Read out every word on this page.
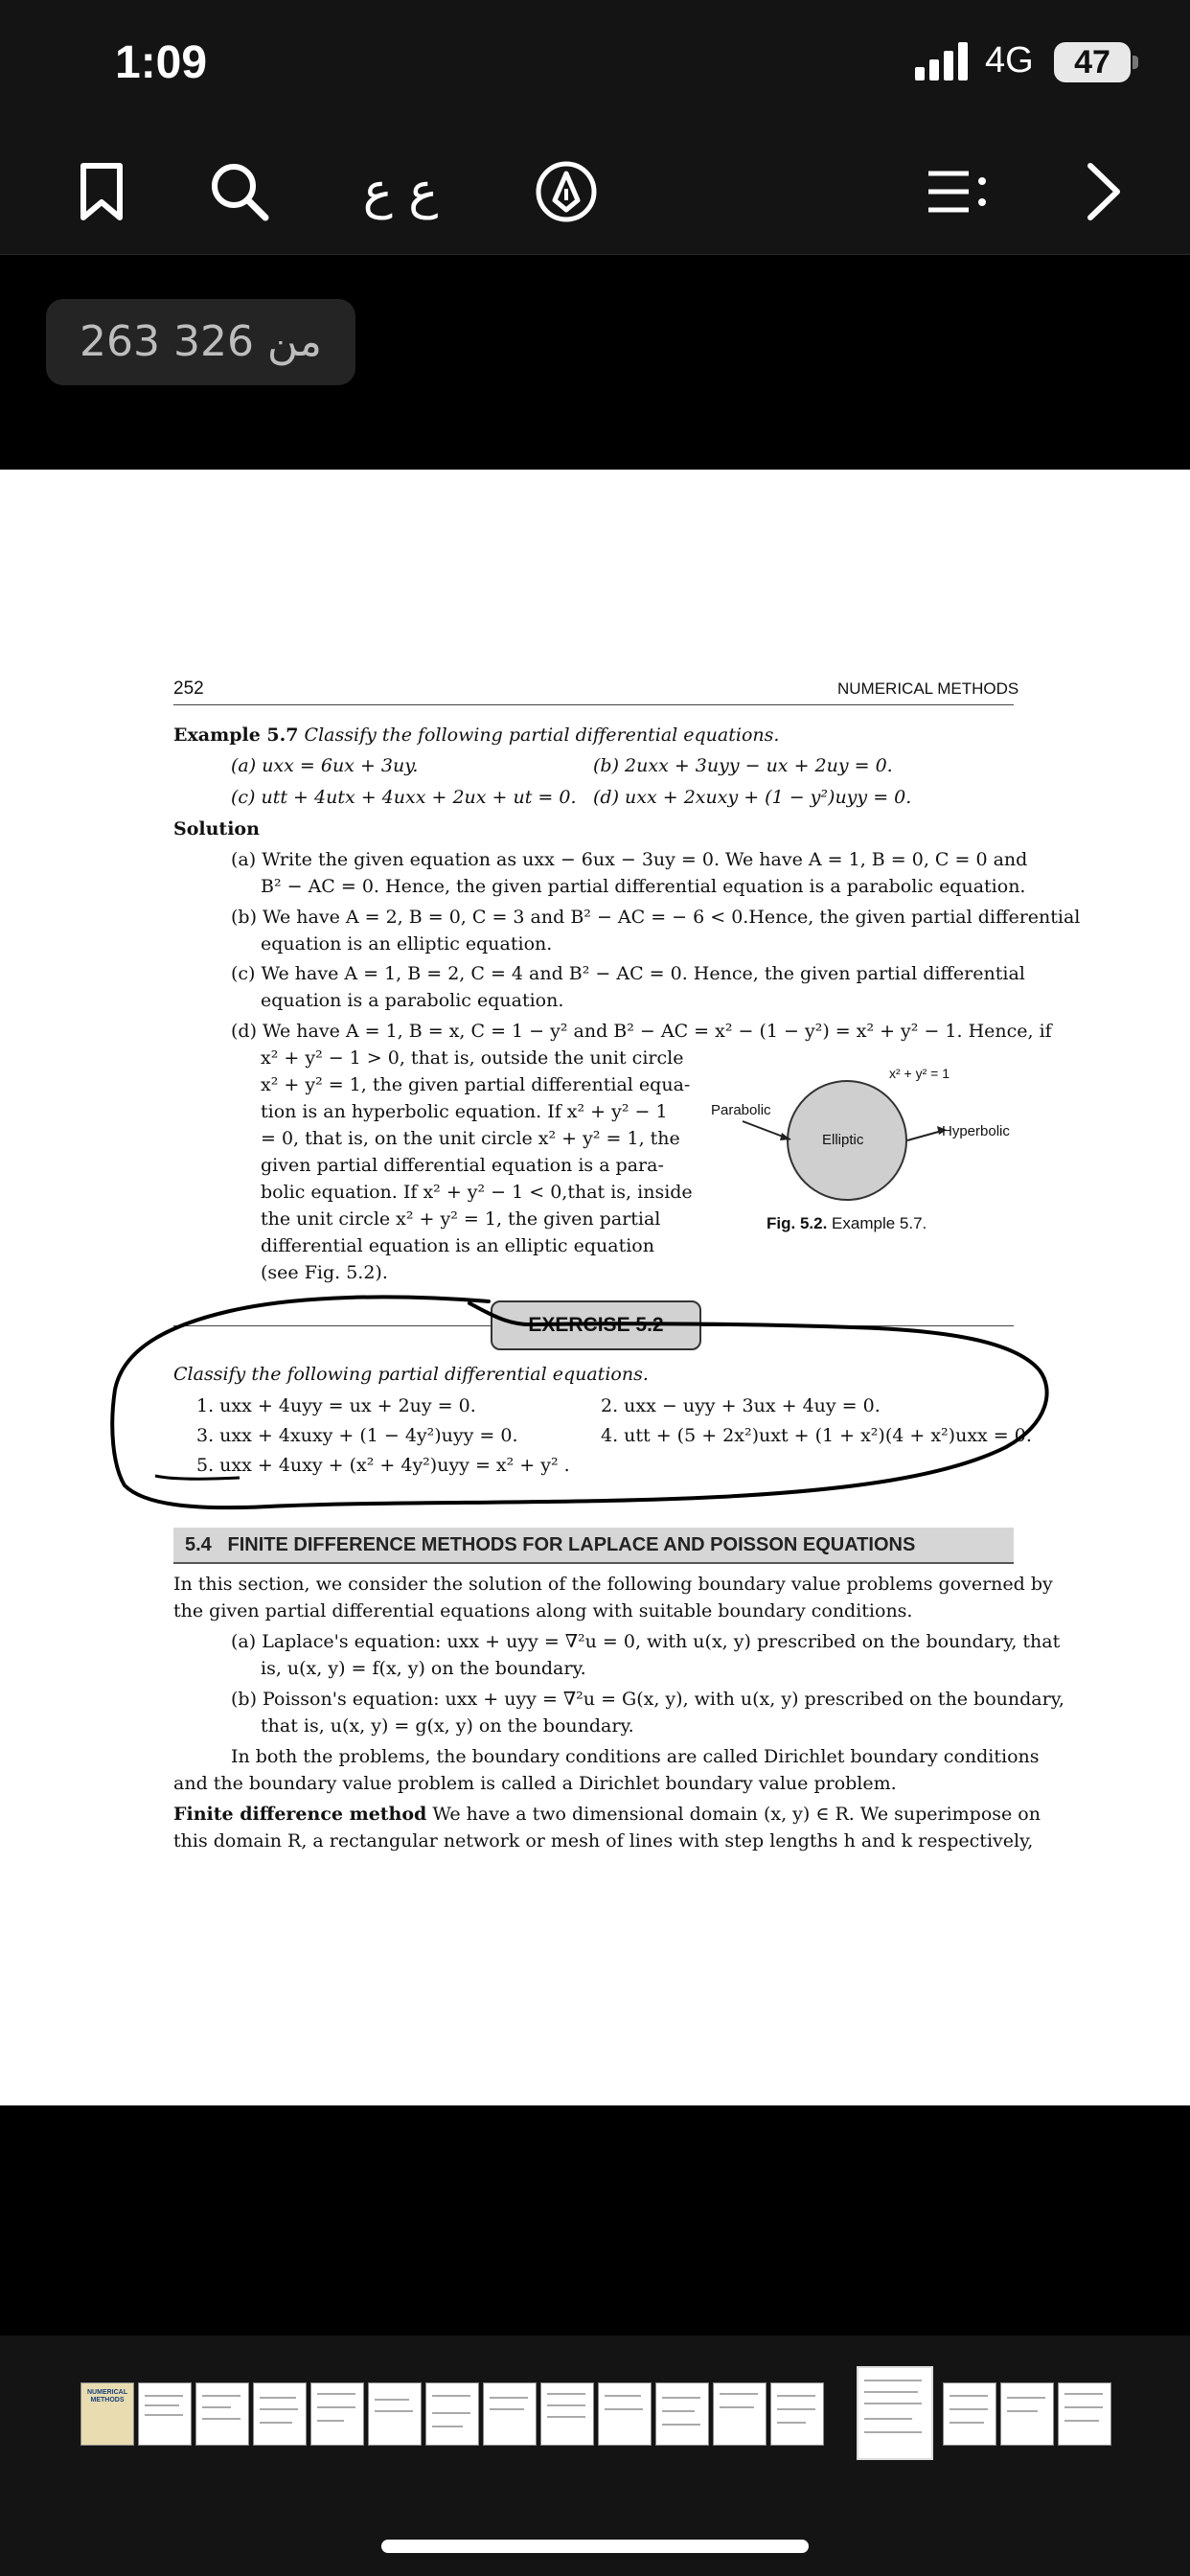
1:09	4G	47
ع ع
263 من 326
252	NUMERICAL METHODS
Example 5.7 Classify the following partial differential equations.
(a) uxx = 6ux + 3uy.	(b) 2uxx + 3uyy − ux + 2uy = 0.
(c) utt + 4utx + 4uxx + 2ux + ut = 0. (d) uxx + 2xuxy + (1 − y²)uyy = 0.
Solution
(a) Write the given equation as uxx − 6ux − 3uy = 0. We have A = 1, B = 0, C = 0 and
B² − AC = 0. Hence, the given partial differential equation is a parabolic equation.
(b) We have A = 2, B = 0, C = 3 and B² − AC = − 6 < 0.Hence, the given partial differential
equation is an elliptic equation.
(c) We have A = 1, B = 2, C = 4 and B² − AC = 0. Hence, the given partial differential
equation is a parabolic equation.
(d) We have A = 1, B = x, C = 1 − y² and B² − AC = x² − (1 − y²) = x² + y² − 1. Hence, if
x² + y² − 1 > 0, that is, outside the unit circle
x² + y² = 1, the given partial differential equa-
tion is an hyperbolic equation. If x² + y² − 1
= 0, that is, on the unit circle x² + y² = 1, the
given partial differential equation is a para-
bolic equation. If x² + y² − 1 < 0,that is, inside
the unit circle x² + y² = 1, the given partial
differential equation is an elliptic equation
(see Fig. 5.2).
Parabolic
Elliptic
Hyperbolic
x² + y² = 1
Fig. 5.2. Example 5.7.
EXERCISE 5.2
Classify the following partial differential equations.
1. uxx + 4uyy = ux + 2uy = 0.	2. uxx − uyy + 3ux + 4uy = 0.
3. uxx + 4xuxy + (1 − 4y²)uyy = 0.	4. utt + (5 + 2x²)uxt + (1 + x²)(4 + x²)uxx = 0.
5. uxx + 4uxy + (x² + 4y²)uyy = x² + y² .
5.4 FINITE DIFFERENCE METHODS FOR LAPLACE AND POISSON EQUATIONS
In this section, we consider the solution of the following boundary value problems governed by
the given partial differential equations along with suitable boundary conditions.
(a) Laplace's equation: uxx + uyy = ∇²u = 0, with u(x, y) prescribed on the boundary, that
is, u(x, y) = f(x, y) on the boundary.
(b) Poisson's equation: uxx + uyy = ∇²u = G(x, y), with u(x, y) prescribed on the boundary,
that is, u(x, y) = g(x, y) on the boundary.
In both the problems, the boundary conditions are called Dirichlet boundary conditions
and the boundary value problem is called a Dirichlet boundary value problem.
Finite difference method We have a two dimensional domain (x, y) ∈ R. We superimpose on
this domain R, a rectangular network or mesh of lines with step lengths h and k respectively,
NUMERICAL METHODS
